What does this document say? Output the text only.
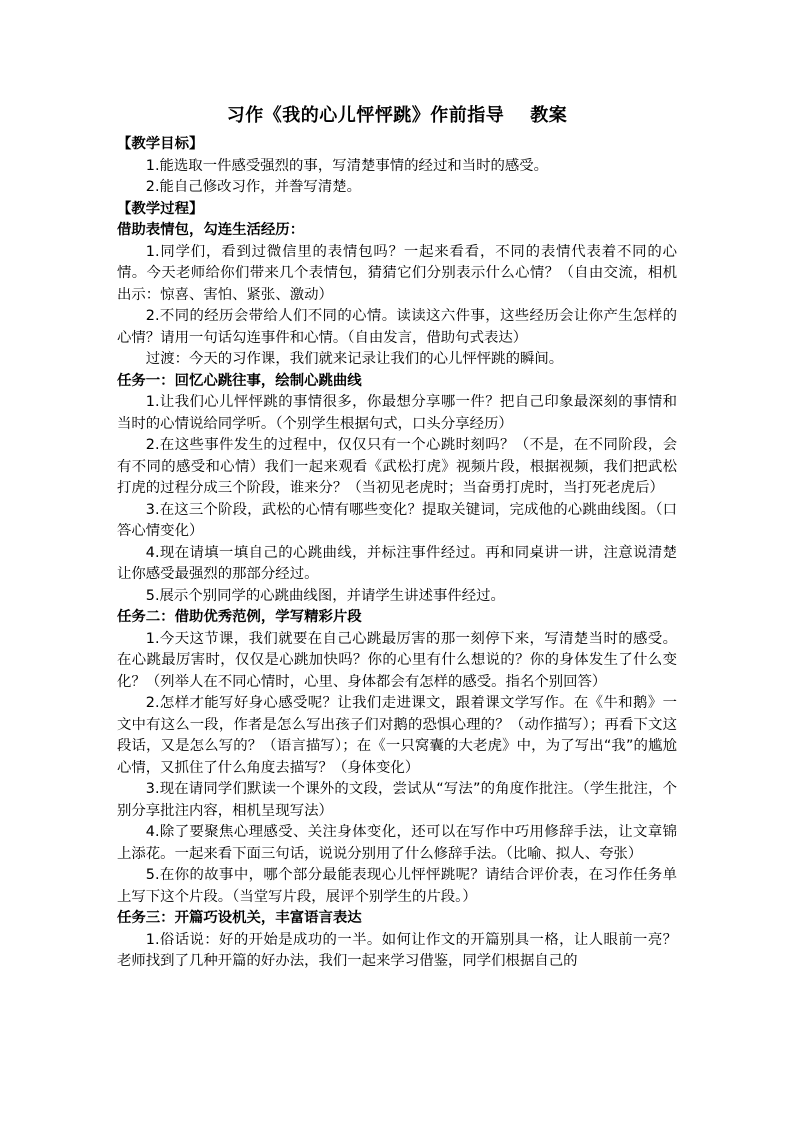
习作《我的心儿怦怦跳》作前指导 教案

【教学目标】

1.能选取一件感受强烈的事，写清楚事情的经过和当时的感受。

2.能自己修改习作，并誊写清楚。

【教学过程】

借助表情包，勾连生活经历：

1.同学们，看到过微信里的表情包吗？一起来看看，不同的表情代表着不同的心情。今天老师给你们带来几个表情包，猜猜它们分别表示什么心情？（自由交流，相机出示：惊喜、害怕、紧张、激动）

2.不同的经历会带给人们不同的心情。读读这六件事，这些经历会让你产生怎样的心情？请用一句话勾连事件和心情。（自由发言，借助句式表达）

过渡：今天的习作课，我们就来记录让我们的心儿怦怦跳的瞬间。

任务一：回忆心跳往事，绘制心跳曲线

1.让我们心儿怦怦跳的事情很多，你最想分享哪一件？把自己印象最深刻的事情和当时的心情说给同学听。（个别学生根据句式，口头分享经历）

2.在这些事件发生的过程中，仅仅只有一个心跳时刻吗？（不是，在不同阶段，会有不同的感受和心情）我们一起来观看《武松打虎》视频片段，根据视频，我们把武松打虎的过程分成三个阶段，谁来分？（当初见老虎时；当奋勇打虎时，当打死老虎后）

3.在这三个阶段，武松的心情有哪些变化？提取关键词，完成他的心跳曲线图。（口答心情变化）

4.现在请填一填自己的心跳曲线，并标注事件经过。再和同桌讲一讲，注意说清楚让你感受最强烈的那部分经过。

5.展示个别同学的心跳曲线图，并请学生讲述事件经过。

任务二：借助优秀范例，学写精彩片段

1.今天这节课，我们就要在自己心跳最厉害的那一刻停下来，写清楚当时的感受。在心跳最厉害时，仅仅是心跳加快吗？你的心里有什么想说的？你的身体发生了什么变化？（列举人在不同心情时，心里、身体都会有怎样的感受。指名个别回答）

2.怎样才能写好身心感受呢？让我们走进课文，跟着课文学写作。在《牛和鹅》一文中有这么一段，作者是怎么写出孩子们对鹅的恐惧心理的？（动作描写）；再看下文这段话，又是怎么写的？（语言描写）；在《一只窝囊的大老虎》中，为了写出“我”的尴尬心情，又抓住了什么角度去描写？（身体变化）

3.现在请同学们默读一个课外的文段，尝试从“写法”的角度作批注。（学生批注，个别分享批注内容，相机呈现写法）

4.除了要聚焦心理感受、关注身体变化，还可以在写作中巧用修辞手法，让文章锦上添花。一起来看下面三句话，说说分别用了什么修辞手法。（比喻、拟人、夸张）

5.在你的故事中，哪个部分最能表现心儿怦怦跳呢？请结合评价表，在习作任务单上写下这个片段。（当堂写片段，展评个别学生的片段。）

任务三：开篇巧设机关，丰富语言表达

1.俗话说：好的开始是成功的一半。如何让作文的开篇别具一格，让人眼前一亮？老师找到了几种开篇的好办法，我们一起来学习借鉴，同学们根据自己的
